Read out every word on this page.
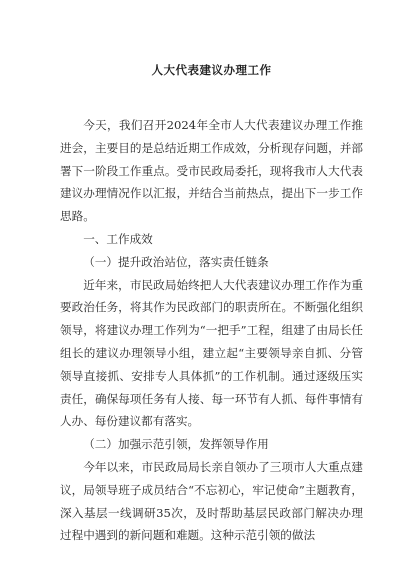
人大代表建议办理工作

今天，我们召开2024年全市人大代表建议办理工作推进会，主要目的是总结近期工作成效，分析现存问题，并部署下一阶段工作重点。受市民政局委托，现将我市人大代表建议办理情况作以汇报，并结合当前热点，提出下一步工作思路。

一、工作成效

（一）提升政治站位，落实责任链条

近年来，市民政局始终把人大代表建议办理工作作为重要政治任务，将其作为民政部门的职责所在。不断强化组织领导，将建议办理工作列为“一把手”工程，组建了由局长任组长的建议办理领导小组，建立起“主要领导亲自抓、分管领导直接抓、安排专人具体抓”的工作机制。通过逐级压实责任，确保每项任务有人接、每一环节有人抓、每件事情有人办、每份建议都有落实。

（二）加强示范引领，发挥领导作用

今年以来，市民政局局长亲自领办了三项市人大重点建议，局领导班子成员结合“不忘初心，牢记使命”主题教育，深入基层一线调研35次，及时帮助基层民政部门解决办理过程中遇到的新问题和难题。这种示范引领的做法
